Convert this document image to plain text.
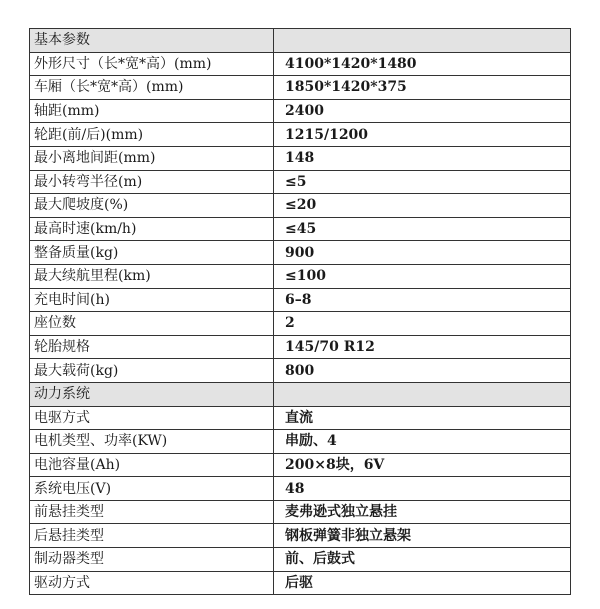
基本参数	
外形尺寸（长*宽*高）(mm)	4100*1420*1480
车厢（长*宽*高）(mm)	1850*1420*375
轴距(mm)	2400
轮距(前/后)(mm)	1215/1200
最小离地间距(mm)	148
最小转弯半径(m)	≤5
最大爬坡度(%)	≤20
最高时速(km/h)	≤45
整备质量(kg)	900
最大续航里程(km)	≤100
充电时间(h)	6–8
座位数	2
轮胎规格	145/70 R12
最大载荷(kg)	800
动力系统	
电驱方式	直流
电机类型、功率(KW)	串励、4
电池容量(Ah)	200×8块，6V
系统电压(V)	48
前悬挂类型	麦弗逊式独立悬挂
后悬挂类型	钢板弹簧非独立悬架
制动器类型	前、后鼓式
驱动方式	后驱
